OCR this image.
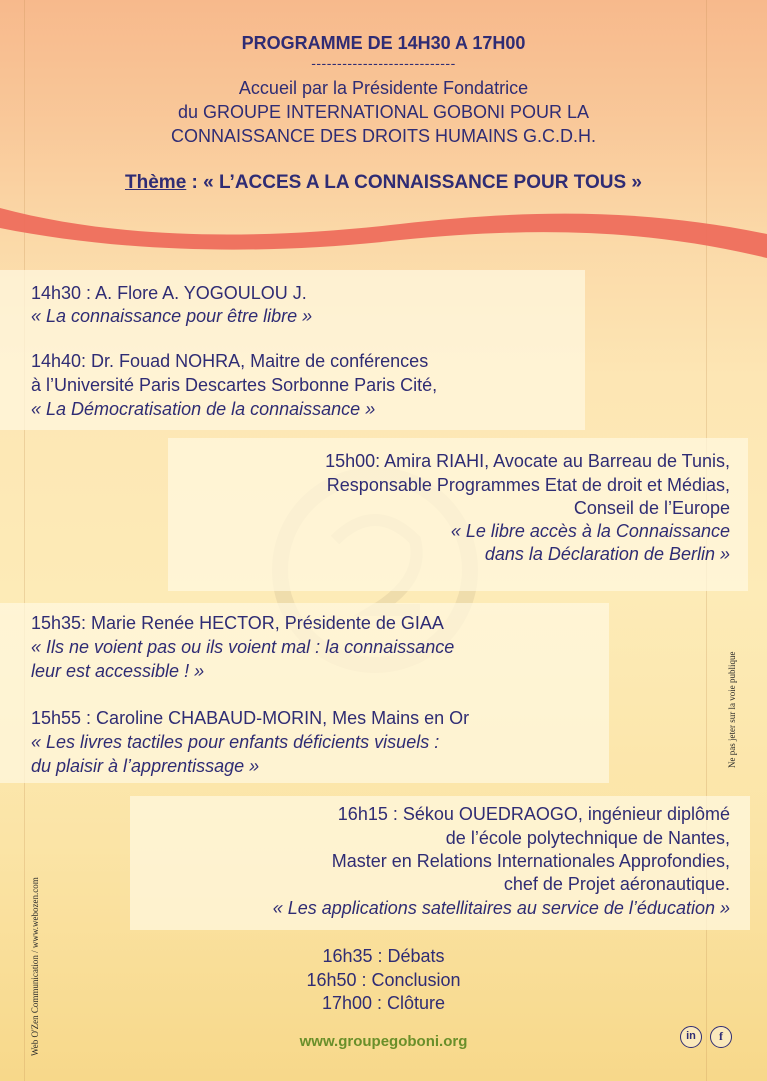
PROGRAMME DE 14H30 A 17H00
----------------------------
Accueil par la Présidente Fondatrice
du GROUPE INTERNATIONAL GOBONI POUR LA
CONNAISSANCE DES DROITS HUMAINS G.C.D.H.
Thème : « L’ACCES A LA CONNAISSANCE POUR TOUS »
14h30 : A. Flore A. YOGOULOU J.
« La connaissance pour être libre »
14h40: Dr. Fouad NOHRA, Maitre de conférences
à l’Université Paris Descartes Sorbonne Paris Cité,
« La Démocratisation de la connaissance »
15h00: Amira RIAHI, Avocate au Barreau de Tunis,
Responsable Programmes Etat de droit et Médias,
Conseil de l’Europe
« Le libre accès à la Connaissance
dans la Déclaration de Berlin »
15h35: Marie Renée HECTOR, Présidente de GIAA
« Ils ne voient pas ou ils voient mal : la connaissance
leur est accessible ! »
15h55 : Caroline CHABAUD-MORIN, Mes Mains en Or
« Les livres tactiles pour enfants déficients visuels :
du plaisir à l’apprentissage »
16h15 : Sékou OUEDRAOGO, ingénieur diplômé
de l’école polytechnique de Nantes,
Master en Relations Internationales Approfondies,
chef de Projet aéronautique.
« Les applications satellitaires au service de l’éducation »
16h35 : Débats
16h50 : Conclusion
17h00 : Clôture
www.groupegoboni.org
Web O'Zen Communication / www.webozen.com
Ne pas jeter sur la voie publique
in	f
